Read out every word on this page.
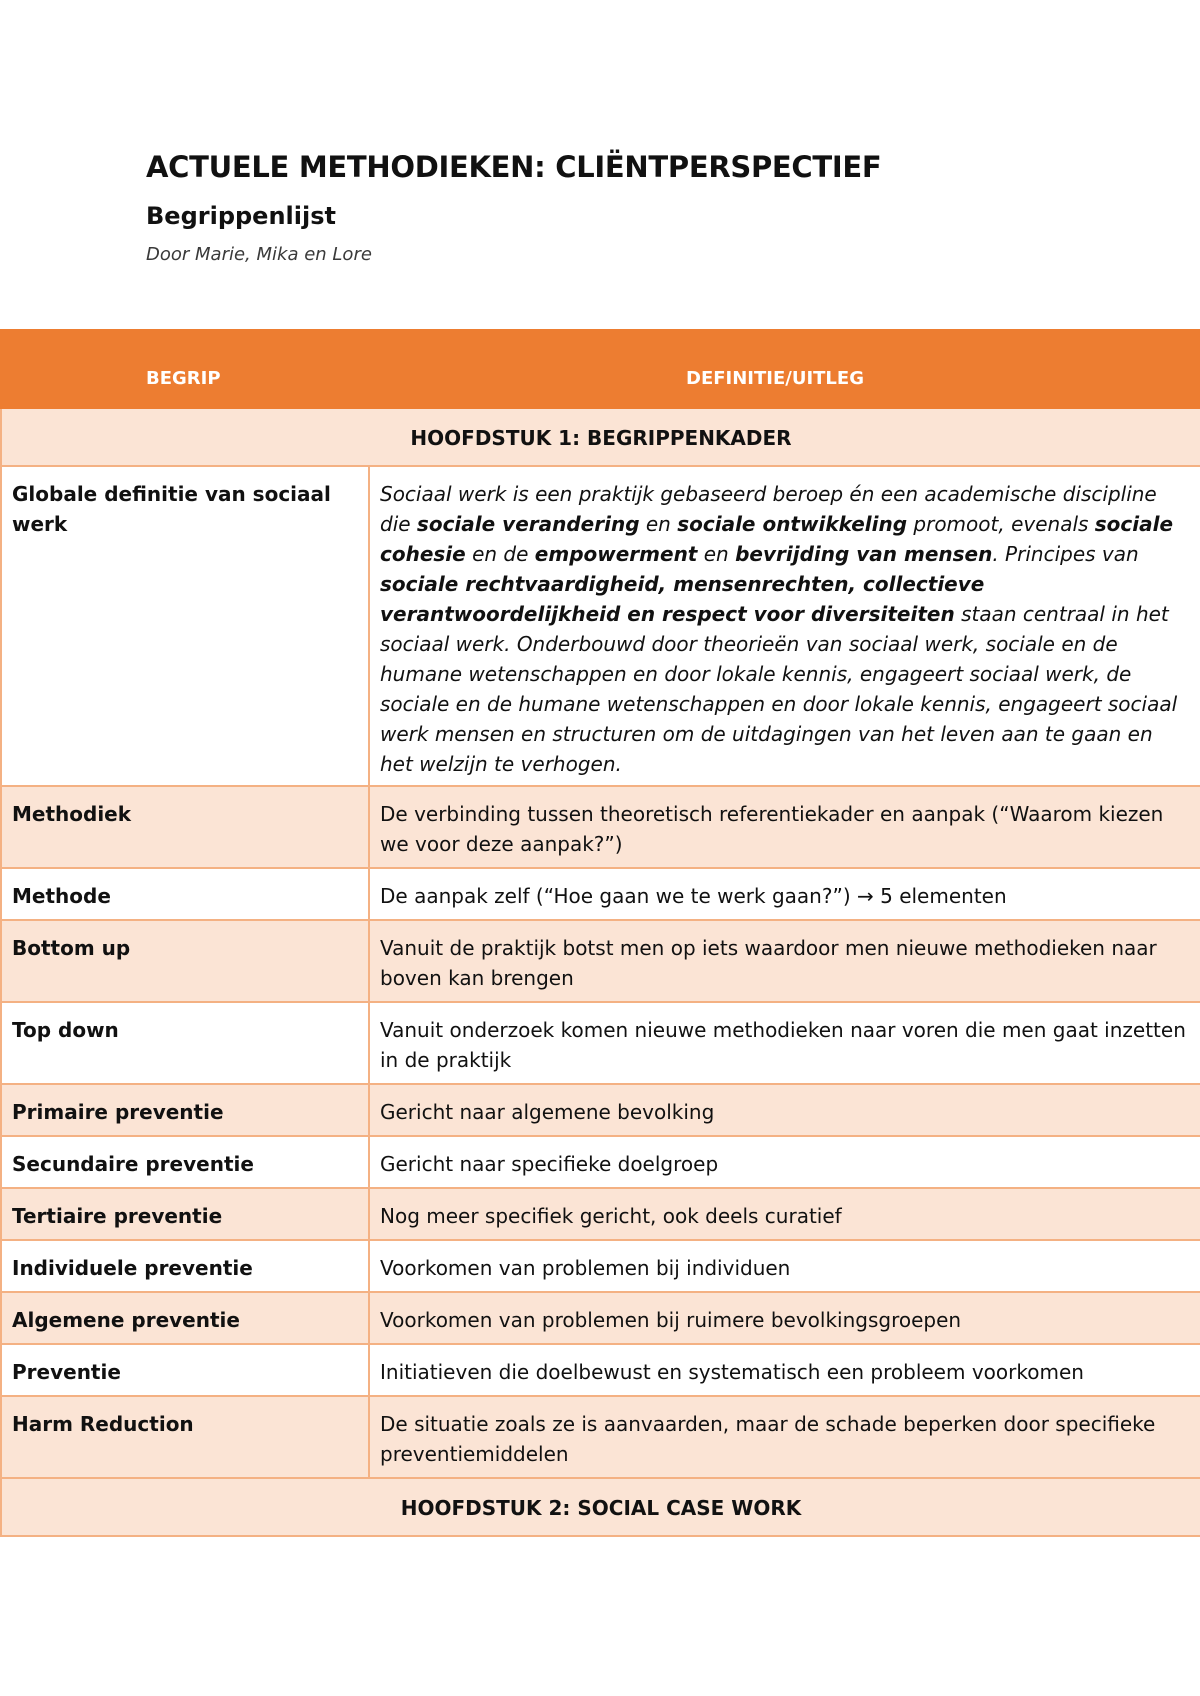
ACTUELE METHODIEKEN: CLIËNTPERSPECTIEF
Begrippenlijst

Door Marie, Mika en Lore

BEGRIP	DEFINITIE/UITLEG
HOOFDSTUK 1: BEGRIPPENKADER	
Globale definitie van sociaal werk	Sociaal werk is een praktijk gebaseerd beroep én een academische discipline die sociale verandering en sociale ontwikkeling promoot, evenals sociale cohesie en de empowerment en bevrijding van mensen. Principes van sociale rechtvaardigheid, mensenrechten, collectieve verantwoordelijkheid en respect voor diversiteiten staan centraal in het sociaal werk. Onderbouwd door theorieën van sociaal werk, sociale en de humane wetenschappen en door lokale kennis, engageert sociaal werk, de sociale en de humane wetenschappen en door lokale kennis, engageert sociaal werk mensen en structuren om de uitdagingen van het leven aan te gaan en het welzijn te verhogen.
Methodiek	De verbinding tussen theoretisch referentiekader en aanpak (“Waarom kiezen we voor deze aanpak?”)
Methode	De aanpak zelf (“Hoe gaan we te werk gaan?”) → 5 elementen
Bottom up	Vanuit de praktijk botst men op iets waardoor men nieuwe methodieken naar boven kan brengen
Top down	Vanuit onderzoek komen nieuwe methodieken naar voren die men gaat inzetten in de praktijk
Primaire preventie	Gericht naar algemene bevolking
Secundaire preventie	Gericht naar specifieke doelgroep
Tertiaire preventie	Nog meer specifiek gericht, ook deels curatief
Individuele preventie	Voorkomen van problemen bij individuen
Algemene preventie	Voorkomen van problemen bij ruimere bevolkingsgroepen
Preventie	Initiatieven die doelbewust en systematisch een probleem voorkomen
Harm Reduction	De situatie zoals ze is aanvaarden, maar de schade beperken door specifieke preventiemiddelen
HOOFDSTUK 2: SOCIAL CASE WORK	
